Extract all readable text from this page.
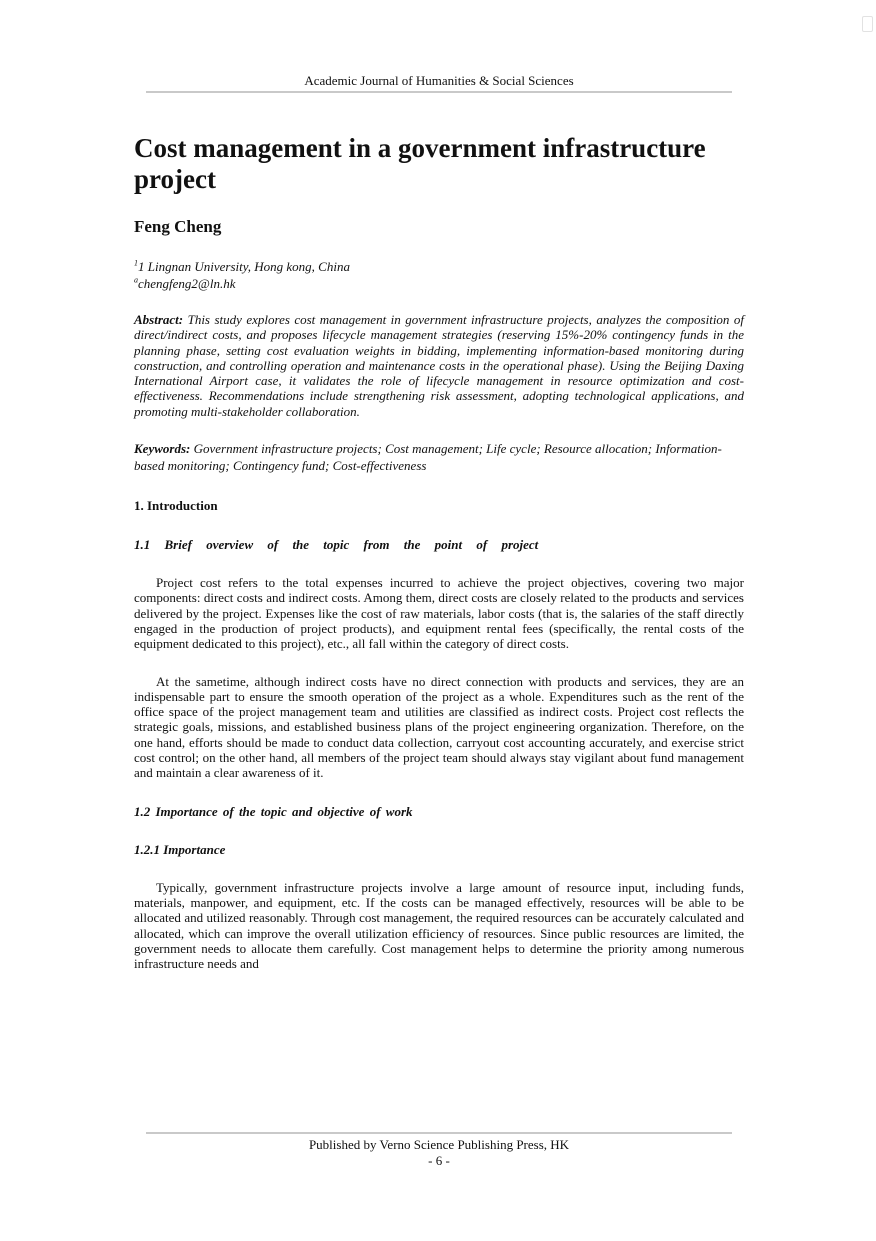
Academic Journal of Humanities & Social Sciences
Cost management in a government infrastructure project
Feng Cheng
$^1$1 Lingnan University, Hong kong, China
$^a$chengfeng2@ln.hk
Abstract: This study explores cost management in government infrastructure projects, analyzes the composition of direct/indirect costs, and proposes lifecycle management strategies (reserving 15%-20% contingency funds in the planning phase, setting cost evaluation weights in bidding, implementing information-based monitoring during construction, and controlling operation and maintenance costs in the operational phase). Using the Beijing Daxing International Airport case, it validates the role of lifecycle management in resource optimization and cost-effectiveness. Recommendations include strengthening risk assessment, adopting technological applications, and promoting multi-stakeholder collaboration.
Keywords: Government infrastructure projects; Cost management; Life cycle; Resource allocation; Information-based monitoring; Contingency fund; Cost-effectiveness
1. Introduction
1.1 Brief overview of the topic from the point of project

Project cost refers to the total expenses incurred to achieve the project objectives, covering two major components: direct costs and indirect costs. Among them, direct costs are closely related to the products and services delivered by the project. Expenses like the cost of raw materials, labor costs (that is, the salaries of the staff directly engaged in the production of project products), and equipment rental fees (specifically, the rental costs of the equipment dedicated to this project), etc., all fall within the category of direct costs.

At the sametime, although indirect costs have no direct connection with products and services, they are an indispensable part to ensure the smooth operation of the project as a whole. Expenditures such as the rent of the office space of the project management team and utilities are classified as indirect costs. Project cost reflects the strategic goals, missions, and established business plans of the project engineering organization. Therefore, on the one hand, efforts should be made to conduct data collection, carryout cost accounting accurately, and exercise strict cost control; on the other hand, all members of the project team should always stay vigilant about fund management and maintain a clear awareness of it.

1.2 Importance of the topic and objective of work
1.2.1 Importance

Typically, government infrastructure projects involve a large amount of resource input, including funds, materials, manpower, and equipment, etc. If the costs can be managed effectively, resources will be able to be allocated and utilized reasonably. Through cost management, the required resources can be accurately calculated and allocated, which can improve the overall utilization efficiency of resources. Since public resources are limited, the government needs to allocate them carefully. Cost management helps to determine the priority among numerous infrastructure needs and

Published by Verno Science Publishing Press, HK
- 6 -
